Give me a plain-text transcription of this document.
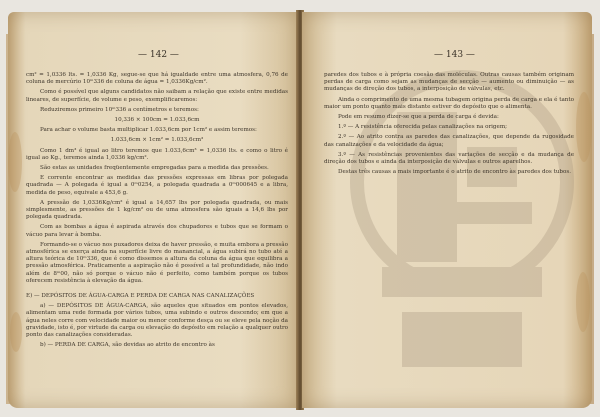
— 142 —

cm² = 1,0336 lts. = 1,0336 Kg, segue-se que há igualdade entre uma atmosfera, 0,76 de coluna de mercúrio 10ᵐ336 de coluna de água = 1,0336Kg/cm².

Como é possível que alguns candidatos não saibam a relação que existe entre medidas lineares, de superfície, de volume e peso, exemplificaremos:

Reduziremos primeiro 10ᵐ336 a centímetros e teremos:

10,336 × 100cm = 1.033,6cm

Para achar o volume basta multiplicar 1.033,6cm por 1cm² e assim teremos:

1.033,6cm × 1cm² = 1.033,6cm³

Como 1 dm³ é igual ao litro teremos que 1.033,6cm³ = 1,0336 lts. e como o litro é igual ao Kg., teremos ainda 1,0336 kg/cm².

São estas as unidades freqüentemente empregadas para a medida das pressões.

E corrente encontrar as medidas das pressões expressas em libras por polegada quadrada — A polegada é igual a 0ᵐ0254, a polegada quadrada a 0ᵐ000645 e a libra, medida de peso, equivale a 453,6 g.

A pressão de 1,0336Kg/cm² é igual a 14,657 lbs por polegada quadrada, ou mais simplesmente, as pressões de 1 kg/cm² ou de uma atmosfera são iguais a 14,6 lbs por polegada quadrada.

Com as bombas a água é aspirada através dos chupadores e tubos que se formam o vácuo para levar à bomba.

Formando-se o vácuo nos puxadores deixa de haver pressão, e muita embora a pressão atmosférica se exerça ainda na superfície livre do manancial, a água subirá no tubo até a altura teórica de 10ᵐ336, que é como dissemos a altura da coluna da água que equilibra a pressão atmosférica. Praticamente a aspiração não é possível a tal profundidade, não indo além de 8ᵐ00, não só porque o vácuo não é perfeito, como também porque os tubos oferecem resistência à elevação da água.

E) — DEPÓSITOS DE ÁGUA-CARGA E PERDA DE CARGA NAS CANALIZAÇÕES

a) — DEPÓSITOS DE ÁGUA-CARGA, são aqueles que situados em pontos elevados, alimentam uma rede formada por vários tubos, uma subindo e outros descendo; em que a água neles corre com velocidade maior ou menor conforme desça ou se eleve pela noção da gravidade, isto é, por virtude da carga ou elevação do depósito em relação a qualquer outro ponto das canalizações consideradas.

b) — PERDA DE CARGA, são devidas ao atrito de encontro às

— 143 —

paredes dos tubos e à própria coesão das moléculas. Outras causas também originam perdas de carga como sejam as mudanças de secção — aumento ou diminuição — as mudanças de direção dos tubos, a interposição de válvulas, etc.

Ainda o comprimento de uma mesma tubagem origina perda de carga e ela é tanto maior um ponto quanto mais distante estiver do depósito que o alimenta.

Pode em resumo dizer-se que a perda de carga é devida:

1.º — A resistência oferecida pelas canalizações na origem;

2.º — Ao atrito contra as paredes das canalizações, que depende da rugosidade das canalizações e da velocidade da água;

3.º — As resistências provenientes das variações de secção e da mudança de direção dos tubos e ainda da interposição de válvulas e outros aparelhos.

Destas três causas a mais importante é o atrito de encontro às paredes dos tubos.
